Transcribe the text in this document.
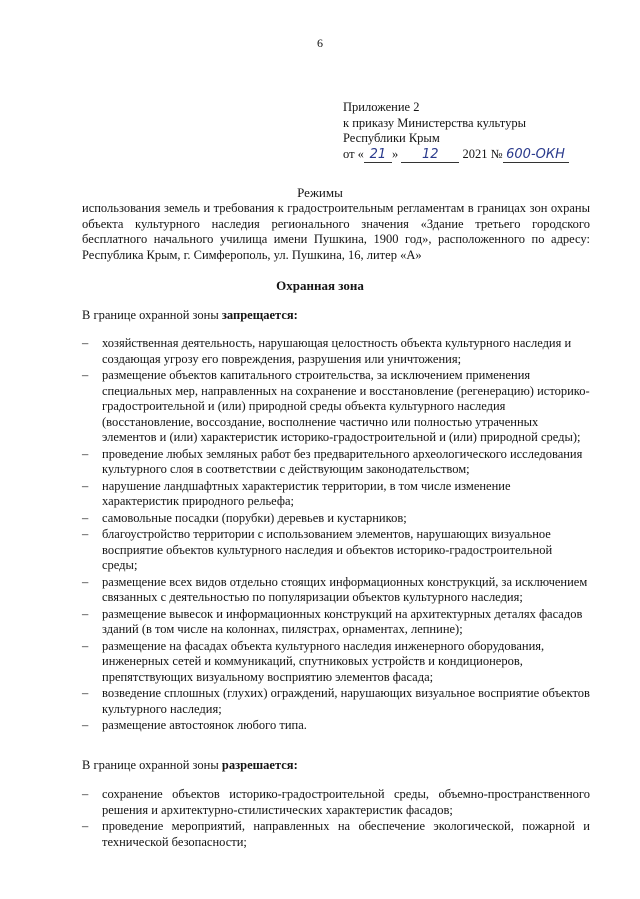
6
Приложение 2
к приказу Министерства культуры
Республики Крым
от « 21 » 12 2021 № 600-ОКН
Режимы
использования земель и требования к градостроительным регламентам в границах зон охраны объекта культурного наследия регионального значения «Здание третьего городского бесплатного начального училища имени Пушкина, 1900 год», расположенного по адресу: Республика Крым, г. Симферополь, ул. Пушкина, 16, литер «А»
Охранная зона
В границе охранной зоны запрещается:
– хозяйственная деятельность, нарушающая целостность объекта культурного наследия и создающая угрозу его повреждения, разрушения или уничтожения;
– размещение объектов капитального строительства, за исключением применения специальных мер, направленных на сохранение и восстановление (регенерацию) историко-градостроительной и (или) природной среды объекта культурного наследия (восстановление, воссоздание, восполнение частично или полностью утраченных элементов и (или) характеристик историко-градостроительной и (или) природной среды);
– проведение любых земляных работ без предварительного археологического исследования культурного слоя в соответствии с действующим законодательством;
– нарушение ландшафтных характеристик территории, в том числе изменение характеристик природного рельефа;
– самовольные посадки (порубки) деревьев и кустарников;
– благоустройство территории с использованием элементов, нарушающих визуальное восприятие объектов культурного наследия и объектов историко-градостроительной среды;
– размещение всех видов отдельно стоящих информационных конструкций, за исключением связанных с деятельностью по популяризации объектов культурного наследия;
– размещение вывесок и информационных конструкций на архитектурных деталях фасадов зданий (в том числе на колоннах, пилястрах, орнаментах, лепнине);
– размещение на фасадах объекта культурного наследия инженерного оборудования, инженерных сетей и коммуникаций, спутниковых устройств и кондиционеров, препятствующих визуальному восприятию элементов фасада;
– возведение сплошных (глухих) ограждений, нарушающих визуальное восприятие объектов культурного наследия;
– размещение автостоянок любого типа.
В границе охранной зоны разрешается:
– сохранение объектов историко-градостроительной среды, объемно-пространственного решения и архитектурно-стилистических характеристик фасадов;
– проведение мероприятий, направленных на обеспечение экологической, пожарной и технической безопасности;
